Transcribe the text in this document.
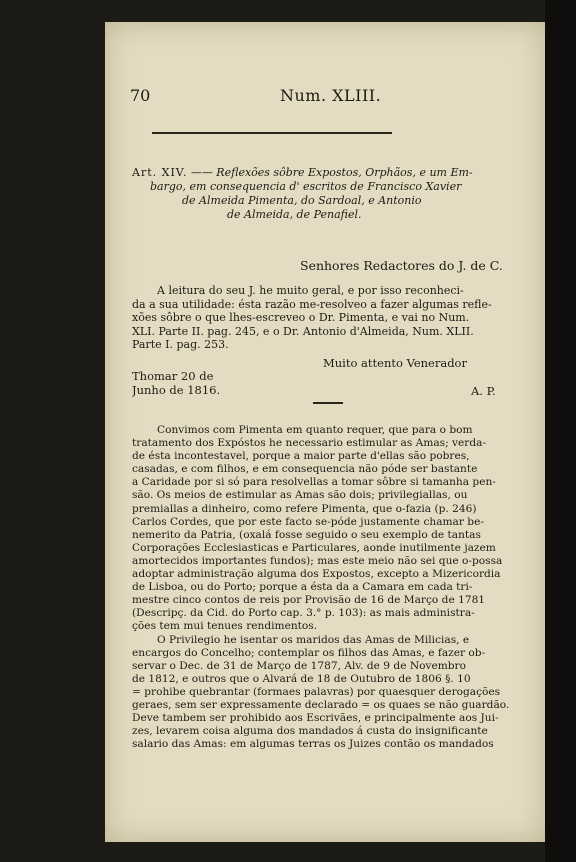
70	Num. XLIII.
Art. XIV. —— Reflexões sôbre Expostos, Orphãos, e um Em-
bargo, em consequencia d' escritos de Francisco Xavier
de Almeida Pimenta, do Sardoal, e Antonio
de Almeida, de Penafiel.
Senhores Redactores do J. de C.
A leitura do seu J. he muito geral, e por isso reconheci-
da a sua utilidade: ésta razão me-resolveo a fazer algumas refle-
xões sôbre o que lhes-escreveo o Dr. Pimenta, e vai no Num.
XLI. Parte II. pag. 245, e o Dr. Antonio d'Almeida, Num. XLII.
Parte I. pag. 253.
Muito attento Venerador
Thomar 20 de
Junho de 1816.	A. P.
Convimos com Pimenta em quanto requer, que para o bom
tratamento dos Expóstos he necessario estimular as Amas; verda-
de ésta incontestavel, porque a maior parte d'ellas são pobres,
casadas, e com filhos, e em consequencia não póde ser bastante
a Caridade por si só para resolvellas a tomar sôbre si tamanha pen-
são. Os meios de estimular as Amas são dois; privilegiallas, ou
premiallas a dinheiro, como refere Pimenta, que o-fazia (p. 246)
Carlos Cordes, que por este facto se-póde justamente chamar be-
nemerito da Patria, (oxalá fosse seguido o seu exemplo de tantas
Corporações Ecclesiasticas e Particulares, aonde inutilmente jazem
amortecidos importantes fundos); mas este meio não sei que o-possa
adoptar administração alguma dos Expostos, excepto a Mizericordia
de Lisboa, ou do Porto; porque a ésta da a Camara em cada tri-
mestre cinco contos de reis por Provisão de 16 de Março de 1781
(Descripç. da Cid. do Porto cap. 3.° p. 103): as mais administra-
ções tem mui tenues rendimentos.
O Privilegio he isentar os maridos das Amas de Milicias, e
encargos do Concelho; contemplar os filhos das Amas, e fazer ob-
servar o Dec. de 31 de Março de 1787, Alv. de 9 de Novembro
de 1812, e outros que o Alvará de 18 de Outubro de 1806 §. 10
= prohibe quebrantar (formaes palavras) por quaesquer derogações
geraes, sem ser expressamente declarado = os quaes se não guardão.
Deve tambem ser prohibido aos Escrivães, e principalmente aos Jui-
zes, levarem coisa alguma dos mandados á custa do insignificante
salario das Amas: em algumas terras os Juizes contão os mandados
